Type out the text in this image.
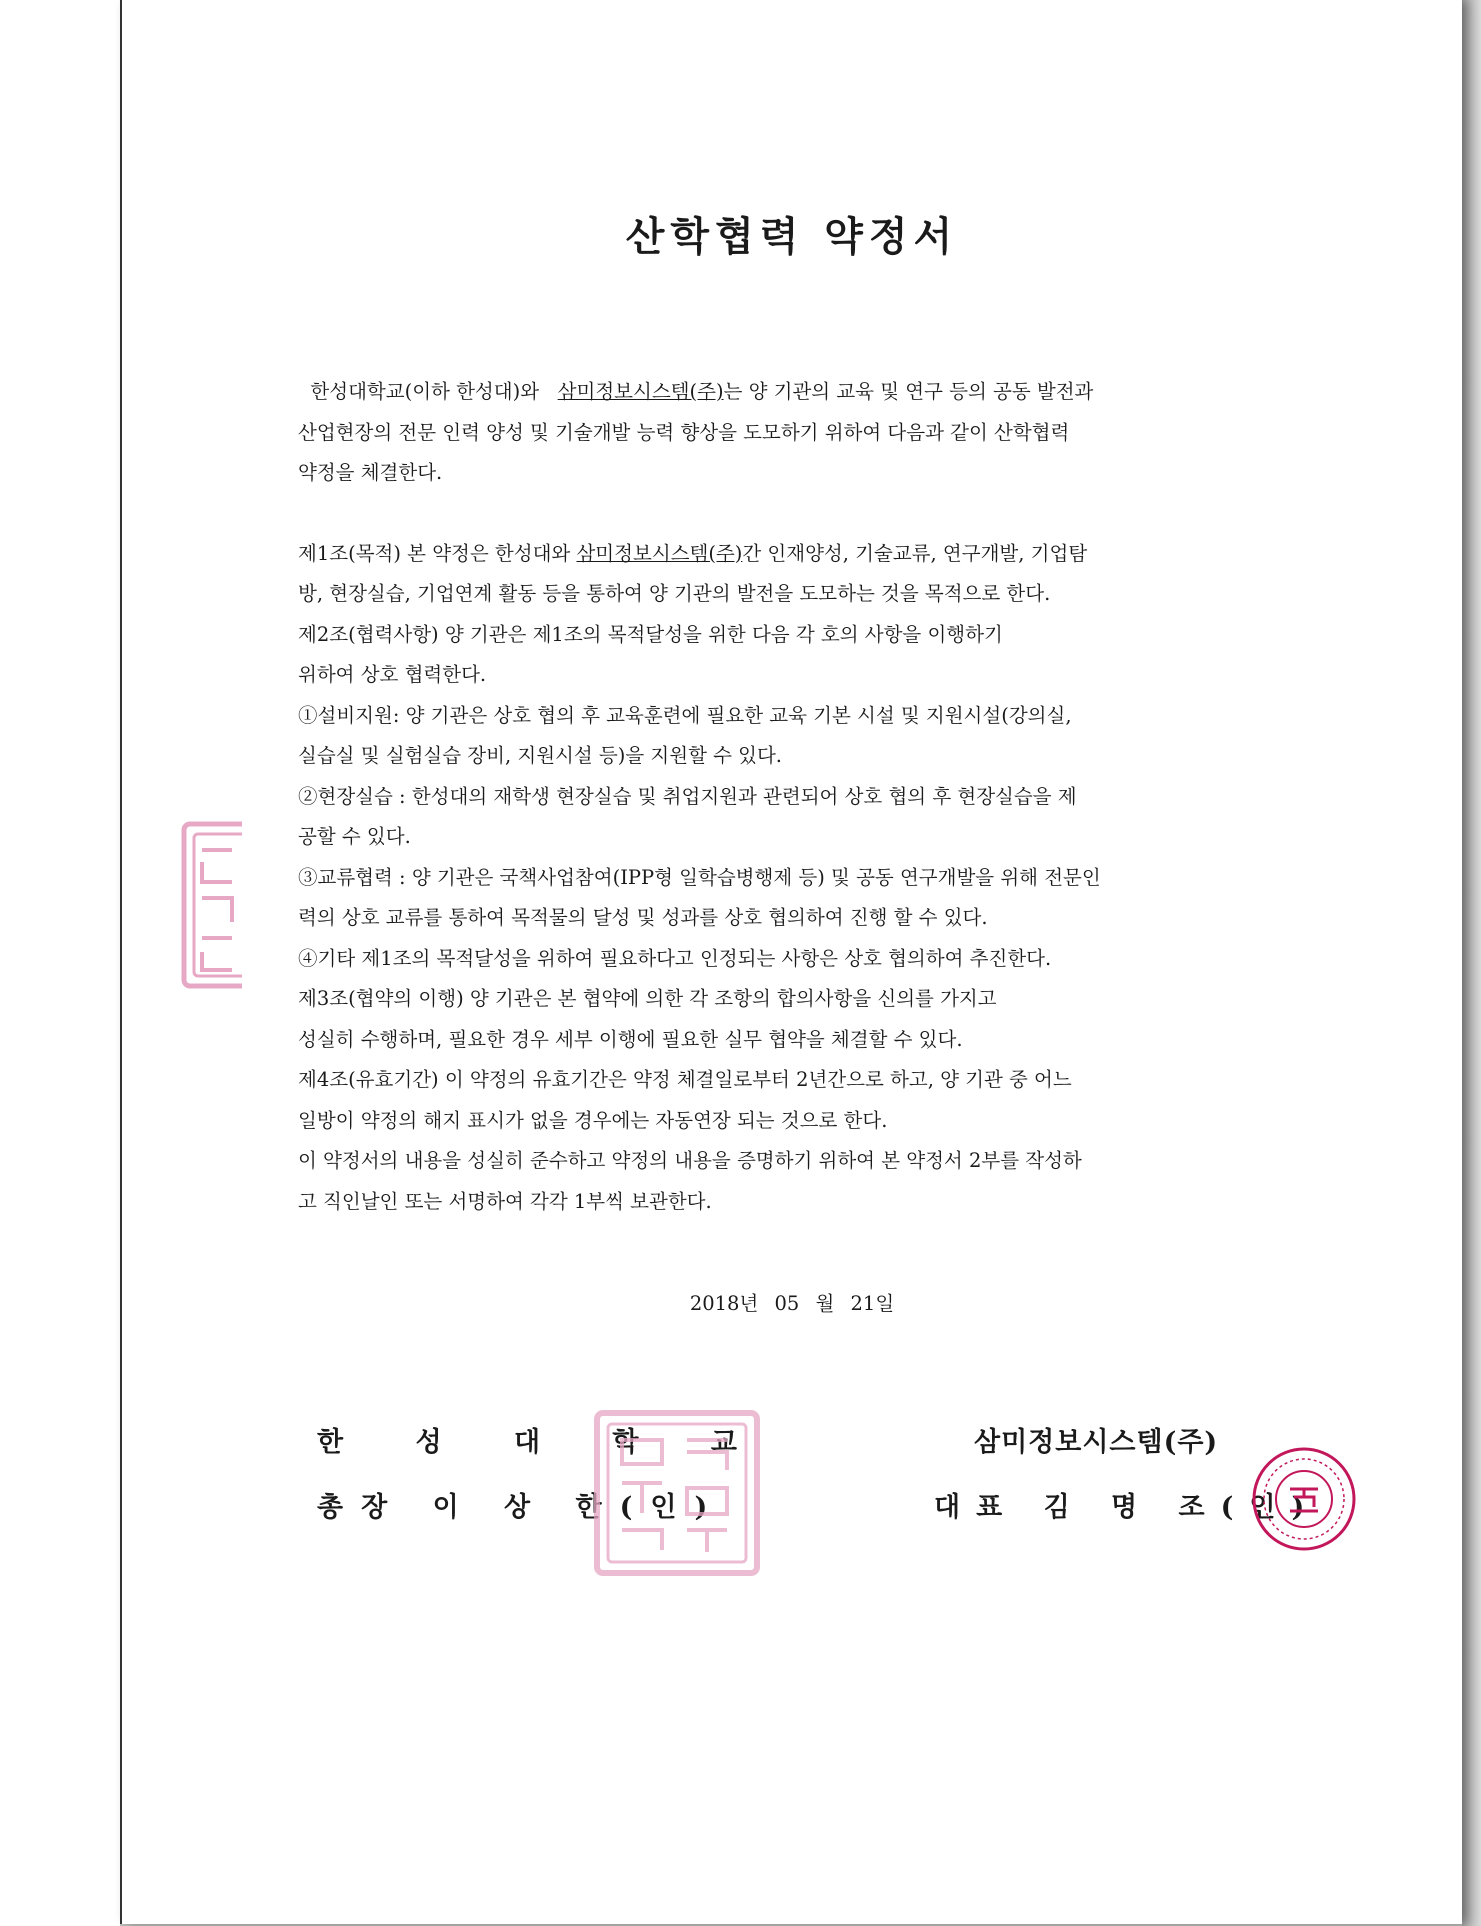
산학협력 약정서

한성대학교(이하 한성대)와 삼미정보시스템(주)는 양 기관의 교육 및 연구 등의 공동 발전과

산업현장의 전문 인력 양성 및 기술개발 능력 향상을 도모하기 위하여 다음과 같이 산학협력

약정을 체결한다.

제1조(목적) 본 약정은 한성대와 삼미정보시스템(주)간 인재양성, 기술교류, 연구개발, 기업탐

방, 현장실습, 기업연계 활동 등을 통하여 양 기관의 발전을 도모하는 것을 목적으로 한다.

제2조(협력사항) 양 기관은 제1조의 목적달성을 위한 다음 각 호의 사항을 이행하기

위하여 상호 협력한다.

①설비지원: 양 기관은 상호 협의 후 교육훈련에 필요한 교육 기본 시설 및 지원시설(강의실,

실습실 및 실험실습 장비, 지원시설 등)을 지원할 수 있다.

②현장실습 : 한성대의 재학생 현장실습 및 취업지원과 관련되어 상호 협의 후 현장실습을 제

공할 수 있다.

③교류협력 : 양 기관은 국책사업참여(IPP형 일학습병행제 등) 및 공동 연구개발을 위해 전문인

력의 상호 교류를 통하여 목적물의 달성 및 성과를 상호 협의하여 진행 할 수 있다.

④기타 제1조의 목적달성을 위하여 필요하다고 인정되는 사항은 상호 협의하여 추진한다.

제3조(협약의 이행) 양 기관은 본 협약에 의한 각 조항의 합의사항을 신의를 가지고

성실히 수행하며, 필요한 경우 세부 이행에 필요한 실무 협약을 체결할 수 있다.

제4조(유효기간) 이 약정의 유효기간은 약정 체결일로부터 2년간으로 하고, 양 기관 중 어느

일방이 약정의 해지 표시가 없을 경우에는 자동연장 되는 것으로 한다.

이 약정서의 내용을 성실히 준수하고 약정의 내용을 증명하기 위하여 본 약정서 2부를 작성하

고 직인날인 또는 서명하여 각각 1부씩 보관한다.

2018년 05 월 21일
한	성	대	학	교
총장 이 상 한(인)
삼미정보시스템(주)
대표 김 명 조(인)
